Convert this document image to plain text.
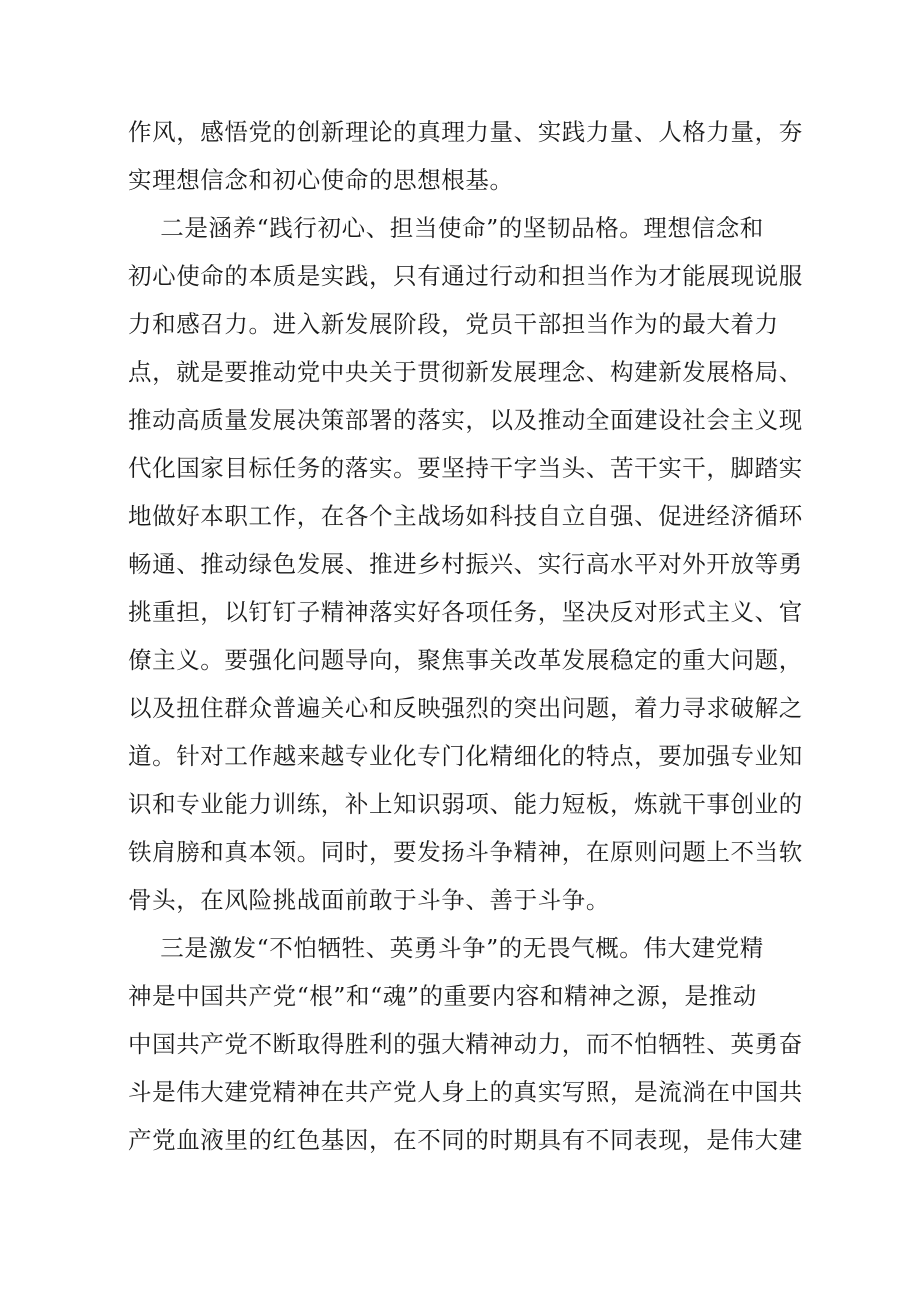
作风，感悟党的创新理论的真理力量、实践力量、人格力量，夯
实理想信念和初心使命的思想根基。
二是涵养“践行初心、担当使命”的坚韧品格。理想信念和
初心使命的本质是实践，只有通过行动和担当作为才能展现说服
力和感召力。进入新发展阶段，党员干部担当作为的最大着力
点，就是要推动党中央关于贯彻新发展理念、构建新发展格局、
推动高质量发展决策部署的落实，以及推动全面建设社会主义现
代化国家目标任务的落实。要坚持干字当头、苦干实干，脚踏实
地做好本职工作，在各个主战场如科技自立自强、促进经济循环
畅通、推动绿色发展、推进乡村振兴、实行高水平对外开放等勇
挑重担，以钉钉子精神落实好各项任务，坚决反对形式主义、官
僚主义。要强化问题导向，聚焦事关改革发展稳定的重大问题，
以及扭住群众普遍关心和反映强烈的突出问题，着力寻求破解之
道。针对工作越来越专业化专门化精细化的特点，要加强专业知
识和专业能力训练，补上知识弱项、能力短板，炼就干事创业的
铁肩膀和真本领。同时，要发扬斗争精神，在原则问题上不当软
骨头，在风险挑战面前敢于斗争、善于斗争。
三是激发“不怕牺牲、英勇斗争”的无畏气概。伟大建党精
神是中国共产党“根”和“魂”的重要内容和精神之源，是推动
中国共产党不断取得胜利的强大精神动力，而不怕牺牲、英勇奋
斗是伟大建党精神在共产党人身上的真实写照，是流淌在中国共
产党血液里的红色基因，在不同的时期具有不同表现，是伟大建
